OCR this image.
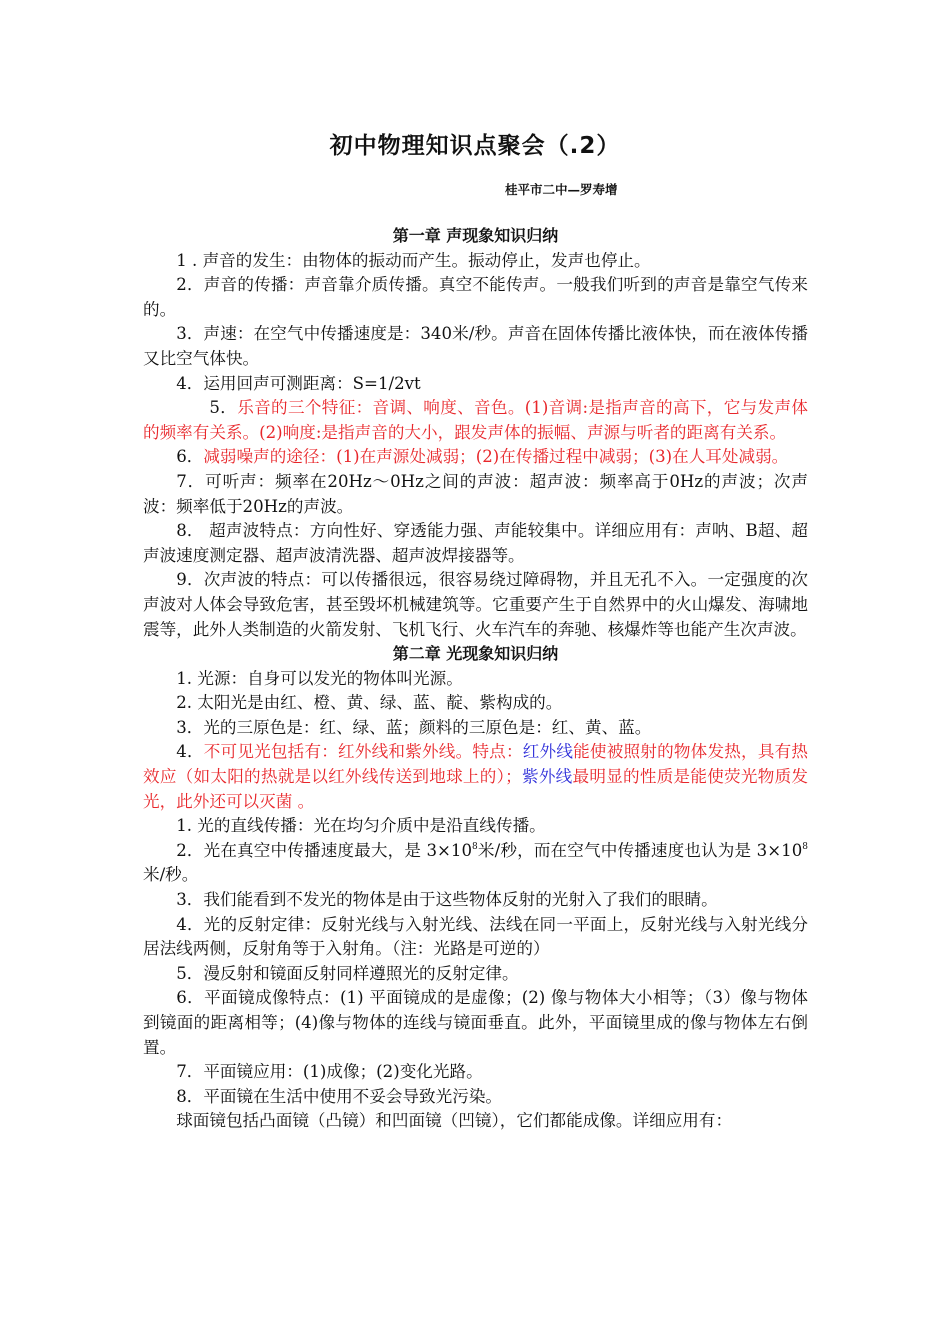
初中物理知识点聚会（.2）
桂平市二中—罗寿增
第一章 声现象知识归纳

1 . 声音的发生：由物体的振动而产生。振动停止，发声也停止。

2．声音的传播：声音靠介质传播。真空不能传声。一般我们听到的声音是靠空气传来的。

3．声速：在空气中传播速度是：340米/秒。声音在固体传播比液体快，而在液体传播又比空气体快。

4．运用回声可测距离：S=1/2vt

5．乐音的三个特征：音调、响度、音色。(1)音调:是指声音的高下，它与发声体的频率有关系。(2)响度:是指声音的大小，跟发声体的振幅、声源与听者的距离有关系。

6．减弱噪声的途径：(1)在声源处减弱；(2)在传播过程中减弱；(3)在人耳处减弱。

7．可听声：频率在20Hz～0Hz之间的声波：超声波：频率高于0Hz的声波；次声波：频率低于20Hz的声波。

8． 超声波特点：方向性好、穿透能力强、声能较集中。详细应用有：声呐、B超、超声波速度测定器、超声波清洗器、超声波焊接器等。

9．次声波的特点：可以传播很远，很容易绕过障碍物，并且无孔不入。一定强度的次声波对人体会导致危害，甚至毁坏机械建筑等。它重要产生于自然界中的火山爆发、海啸地震等，此外人类制造的火箭发射、飞机飞行、火车汽车的奔驰、核爆炸等也能产生次声波。

第二章 光现象知识归纳

1. 光源：自身可以发光的物体叫光源。

2. 太阳光是由红、橙、黄、绿、蓝、靛、紫构成的。

3．光的三原色是：红、绿、蓝；颜料的三原色是：红、黄、蓝。

4．不可见光包括有：红外线和紫外线。特点：红外线能使被照射的物体发热，具有热效应（如太阳的热就是以红外线传送到地球上的）；紫外线最明显的性质是能使荧光物质发光，此外还可以灭菌 。

1. 光的直线传播：光在均匀介质中是沿直线传播。

2．光在真空中传播速度最大，是 $3\times 10^8$米/秒，而在空气中传播速度也认为是 $3\times 10^8$米/秒。

3．我们能看到不发光的物体是由于这些物体反射的光射入了我们的眼睛。

4．光的反射定律：反射光线与入射光线、法线在同一平面上，反射光线与入射光线分居法线两侧，反射角等于入射角。（注：光路是可逆的）

5．漫反射和镜面反射同样遵照光的反射定律。

6．平面镜成像特点：(1) 平面镜成的是虚像；(2) 像与物体大小相等；（3）像与物体到镜面的距离相等；(4)像与物体的连线与镜面垂直。此外，平面镜里成的像与物体左右倒置。

7．平面镜应用：(1)成像；(2)变化光路。

8．平面镜在生活中使用不妥会导致光污染。

球面镜包括凸面镜（凸镜）和凹面镜（凹镜），它们都能成像。详细应用有：
